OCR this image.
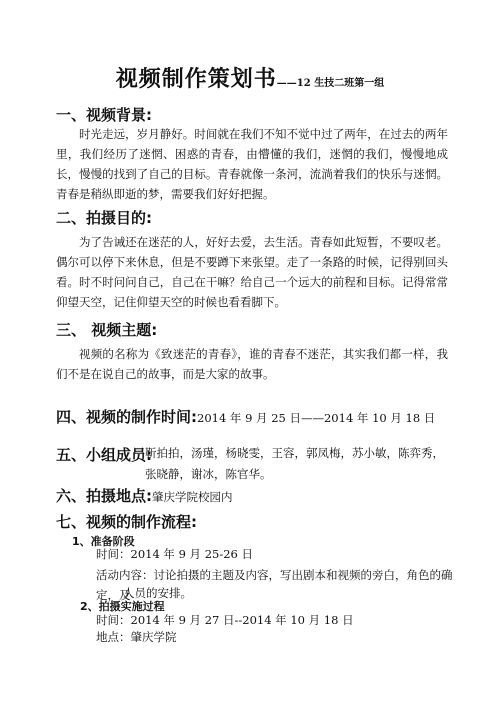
视频制作策划书——12 生技二班第一组
一、视频背景:
时光走远，岁月静好。时间就在我们不知不觉中过了两年，在过去的两年里，我们经历了迷惘、困惑的青春，由懵懂的我们，迷惘的我们，慢慢地成长，慢慢的找到了自己的目标。青春就像一条河，流淌着我们的快乐与迷惘。青春是稍纵即逝的梦，需要我们好好把握。
二、拍摄目的:
为了告诫还在迷茫的人，好好去爱，去生活。青春如此短暂，不要叹老。偶尔可以停下来休息，但是不要蹲下来张望。走了一条路的时候，记得别回头看。时不时问问自己，自己在干嘛？给自己一个远大的前程和目标。记得常常仰望天空，记住仰望天空的时候也看看脚下。
三、 视频主题:
视频的名称为《致迷茫的青春》，谁的青春不迷茫，其实我们都一样，我们不是在说自己的故事，而是大家的故事。
四、视频的制作时间:2014 年 9 月 25 日——2014 年 10 月 18 日
五、小组成员:
靳拍拍，汤瑾，杨晓雯，王容，郭凤梅，苏小敏，陈弈秀，张晓静，谢冰，陈官华。
六、拍摄地点:肇庆学院校园内
七、视频的制作流程:
1、准备阶段
时间：2014 年 9 月 25-26 日
活动内容：讨论拍摄的主题及内容，写出剧本和视频的旁白，角色的确定，及
人员的安排。
2、拍摄实施过程
时间：2014 年 9 月 27 日--2014 年 10 月 18 日
地点：肇庆学院
